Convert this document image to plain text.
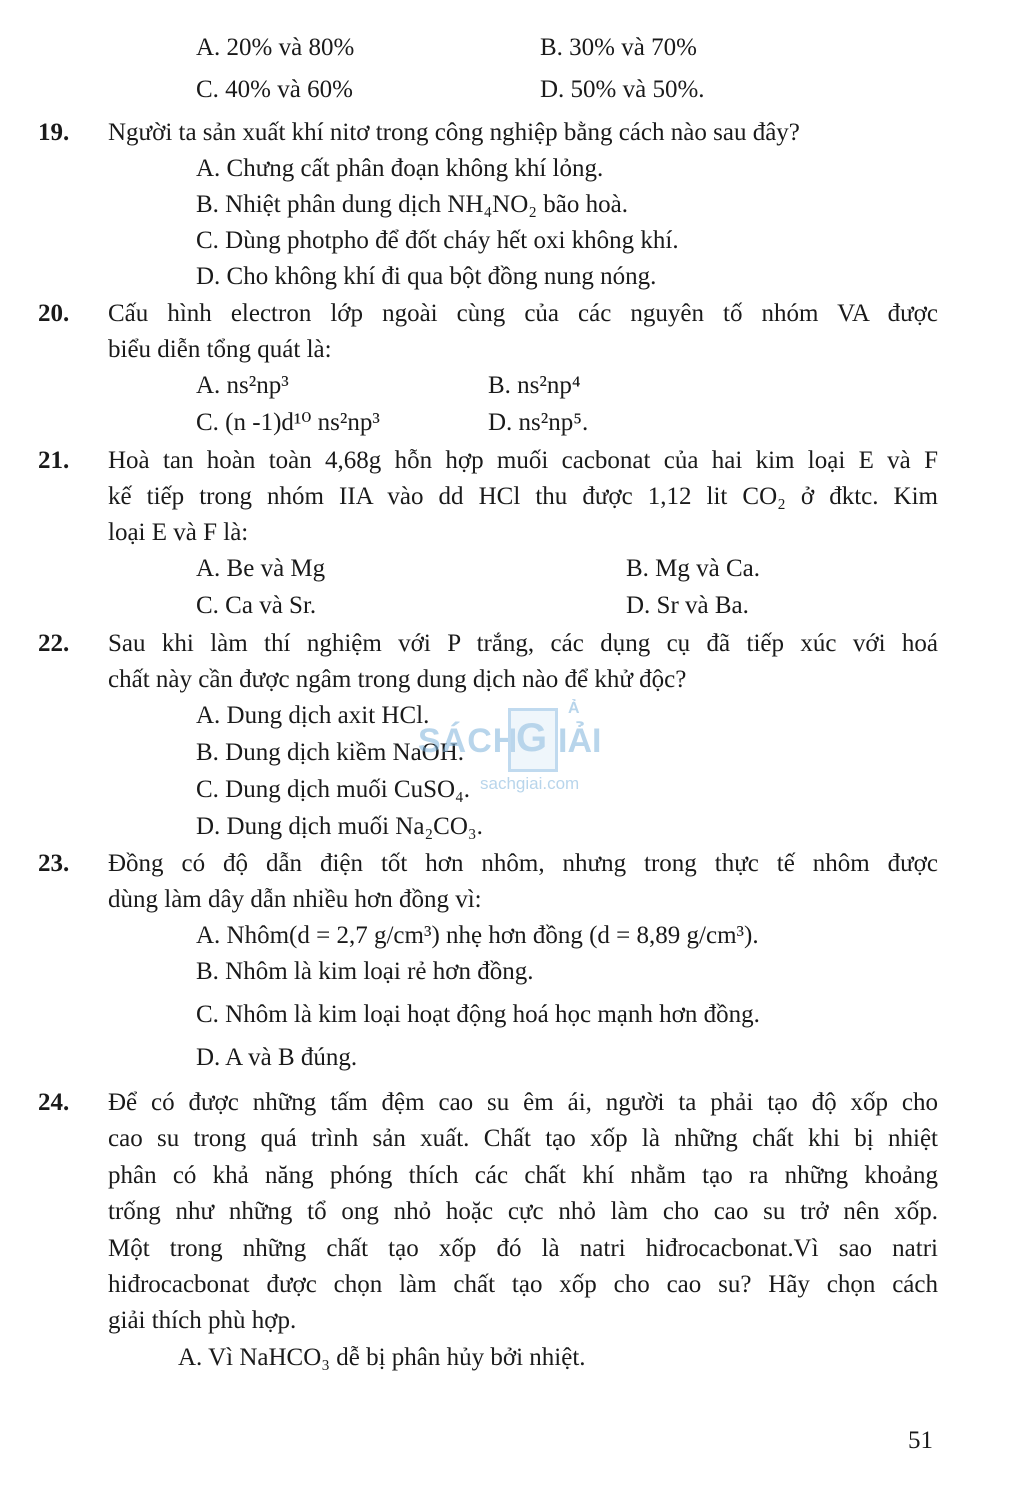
A. 20% và 80%	B. 30% và 70%
C. 40% và 60%	D. 50% và 50%.
19. Người ta sản xuất khí nitơ trong công nghiệp bằng cách nào sau đây?
A. Chưng cất phân đoạn không khí lỏng.
B. Nhiệt phân dung dịch NH₄NO₂ bão hoà.
C. Dùng photpho để đốt cháy hết oxi không khí.
D. Cho không khí đi qua bột đồng nung nóng.
20. Cấu hình electron lớp ngoài cùng của các nguyên tố nhóm VA được
biểu diễn tổng quát là:
A. ns²np³	B. ns²np⁴
C. (n -1)d¹⁰ ns²np³	D. ns²np⁵.
21. Hoà tan hoàn toàn 4,68g hỗn hợp muối cacbonat của hai kim loại E và F
kế tiếp trong nhóm IIA vào dd HCl thu được 1,12 lit CO₂ ở đktc. Kim
loại E và F là:
A. Be và Mg	B. Mg và Ca.
C. Ca và Sr.	D. Sr và Ba.
22. Sau khi làm thí nghiệm với P trắng, các dụng cụ đã tiếp xúc với hoá
chất này cần được ngâm trong dung dịch nào để khử độc?
A. Dung dịch axit HCl.
B. Dung dịch kiềm NaOH.
C. Dung dịch muối CuSO₄.
D. Dung dịch muối Na₂CO₃.
SÁCH
G IẢI
Ả
sachgiai.com
23. Đồng có độ dẫn điện tốt hơn nhôm, nhưng trong thực tế nhôm được
dùng làm dây dẫn nhiều hơn đồng vì:
A. Nhôm(d = 2,7 g/cm³) nhẹ hơn đồng (d = 8,89 g/cm³).
B. Nhôm là kim loại rẻ hơn đồng.
C. Nhôm là kim loại hoạt động hoá học mạnh hơn đồng.
D. A và B đúng.
24. Để có được những tấm đệm cao su êm ái, người ta phải tạo độ xốp cho
cao su trong quá trình sản xuất. Chất tạo xốp là những chất khi bị nhiệt
phân có khả năng phóng thích các chất khí nhằm tạo ra những khoảng
trống như những tổ ong nhỏ hoặc cực nhỏ làm cho cao su trở nên xốp.
Một trong những chất tạo xốp đó là natri hiđrocacbonat.Vì sao natri
hiđrocacbonat được chọn làm chất tạo xốp cho cao su? Hãy chọn cách
giải thích phù hợp.
A. Vì NaHCO₃ dễ bị phân hủy bởi nhiệt.
51
